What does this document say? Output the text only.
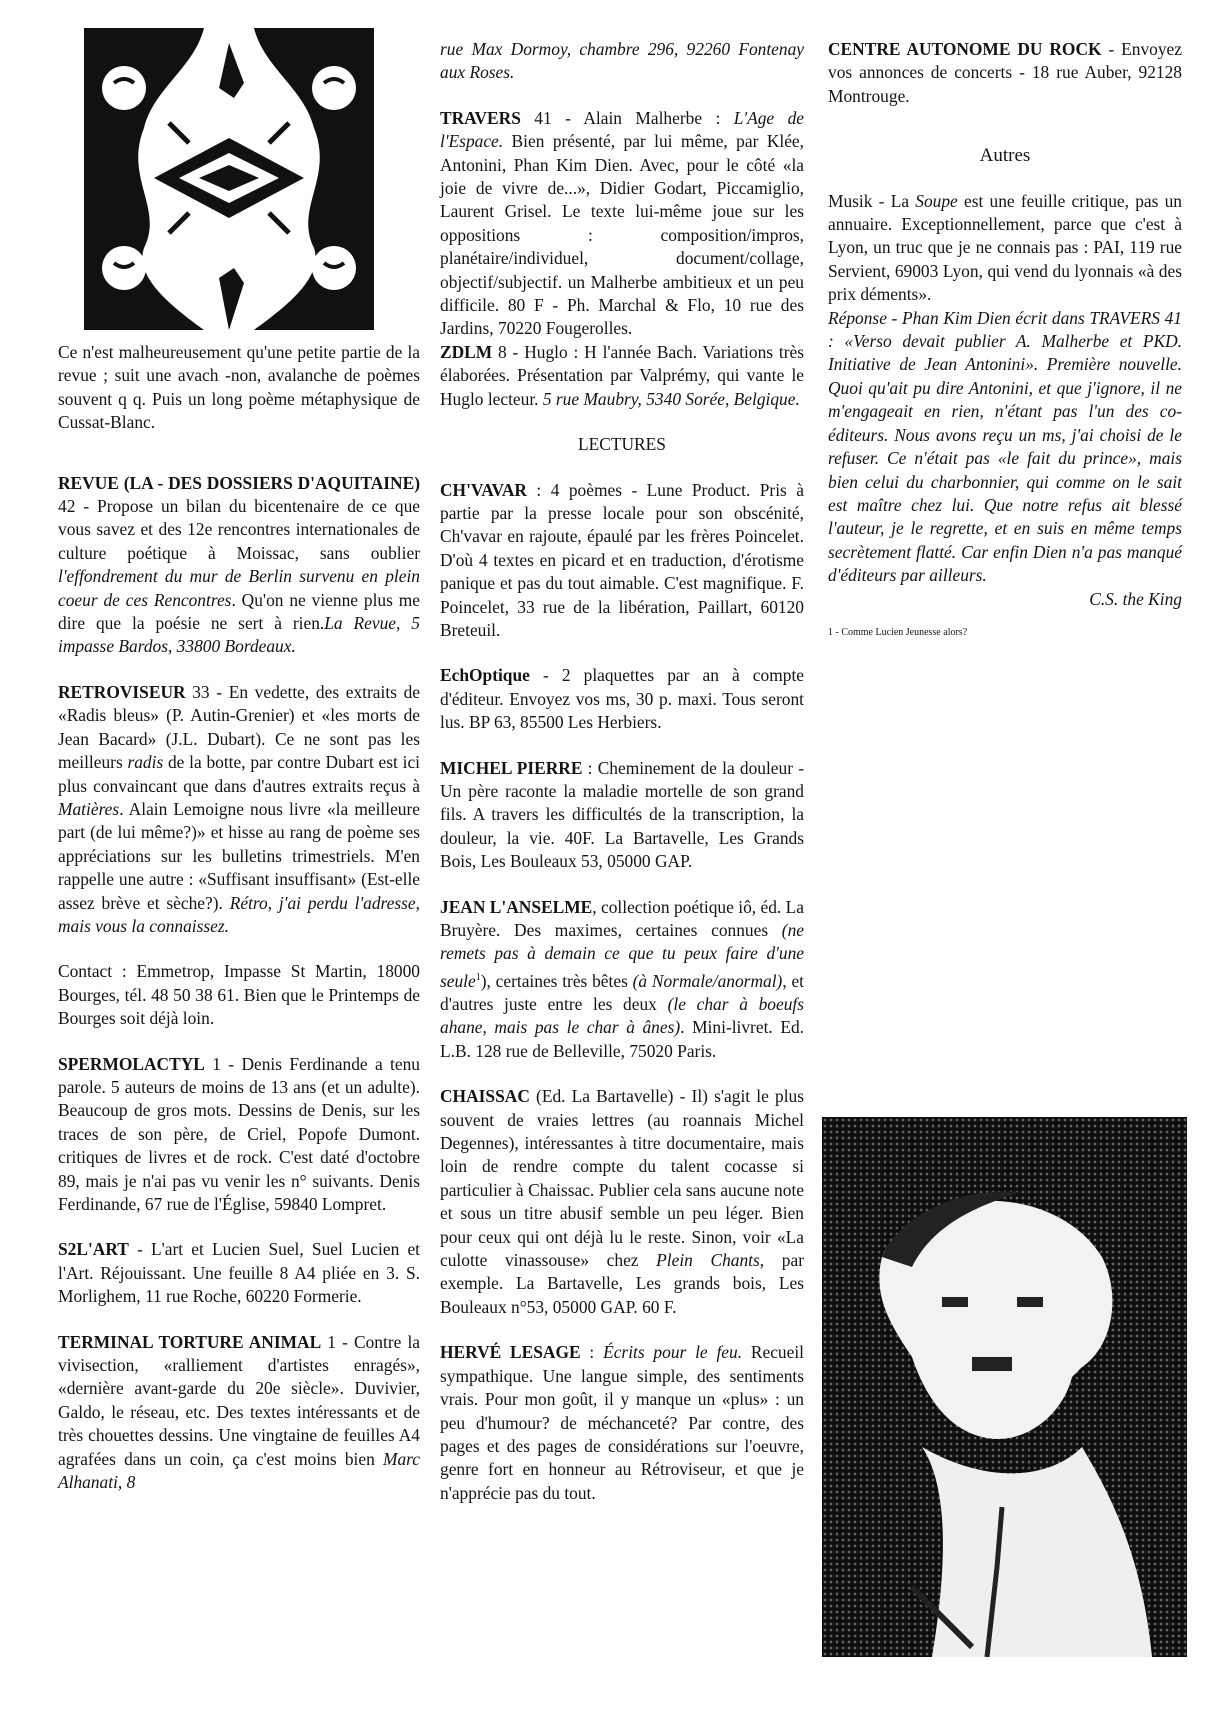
Ce n'est malheureusement qu'une petite partie de la revue ; suit une avach -non, avalanche de poèmes souvent q q. Puis un long poème métaphysique de Cussat-Blanc.

REVUE (LA - DES DOSSIERS D'AQUITAINE) 42 - Propose un bilan du bicentenaire de ce que vous savez et des 12e rencontres internationales de culture poétique à Moissac, sans oublier l'effondrement du mur de Berlin survenu en plein coeur de ces Rencontres. Qu'on ne vienne plus me dire que la poésie ne sert à rien.La Revue, 5 impasse Bardos, 33800 Bordeaux.

RETROVISEUR 33 - En vedette, des extraits de «Radis bleus» (P. Autin-Grenier) et «les morts de Jean Bacard» (J.L. Dubart). Ce ne sont pas les meilleurs radis de la botte, par contre Dubart est ici plus convaincant que dans d'autres extraits reçus à Matières. Alain Lemoigne nous livre «la meilleure part (de lui même?)» et hisse au rang de poème ses appréciations sur les bulletins trimestriels. M'en rappelle une autre : «Suffisant insuffisant» (Est-elle assez brève et sèche?). Rétro, j'ai perdu l'adresse, mais vous la connaissez.

Contact : Emmetrop, Impasse St Martin, 18000 Bourges, tél. 48 50 38 61. Bien que le Printemps de Bourges soit déjà loin.

SPERMOLACTYL 1 - Denis Ferdinande a tenu parole. 5 auteurs de moins de 13 ans (et un adulte). Beaucoup de gros mots. Dessins de Denis, sur les traces de son père, de Criel, Popofe Dumont. critiques de livres et de rock. C'est daté d'octobre 89, mais je n'ai pas vu venir les n° suivants. Denis Ferdinande, 67 rue de l'Église, 59840 Lompret.

S2L'ART - L'art et Lucien Suel, Suel Lucien et l'Art. Réjouissant. Une feuille 8 A4 pliée en 3. S. Morlighem, 11 rue Roche, 60220 Formerie.

TERMINAL TORTURE ANIMAL 1 - Contre la vivisection, «ralliement d'artistes enragés», «dernière avant-garde du 20e siècle». Duvivier, Galdo, le réseau, etc. Des textes intéressants et de très chouettes dessins. Une vingtaine de feuilles A4 agrafées dans un coin, ça c'est moins bien Marc Alhanati, 8

rue Max Dormoy, chambre 296, 92260 Fontenay aux Roses.

TRAVERS 41 - Alain Malherbe : L'Age de l'Espace. Bien présenté, par lui même, par Klée, Antonini, Phan Kim Dien. Avec, pour le côté «la joie de vivre de...», Didier Godart, Piccamiglio, Laurent Grisel. Le texte lui-même joue sur les oppositions : composition/impros, planétaire/individuel, document/collage, objectif/subjectif. un Malherbe ambitieux et un peu difficile. 80 F - Ph. Marchal & Flo, 10 rue des Jardins, 70220 Fougerolles.

ZDLM 8 - Huglo : H l'année Bach. Variations très élaborées. Présentation par Valprémy, qui vante le Huglo lecteur. 5 rue Maubry, 5340 Sorée, Belgique.

LECTURES

CH'VAVAR : 4 poèmes - Lune Product. Pris à partie par la presse locale pour son obscénité, Ch'vavar en rajoute, épaulé par les frères Poincelet. D'où 4 textes en picard et en traduction, d'érotisme panique et pas du tout aimable. C'est magnifique. F. Poincelet, 33 rue de la libération, Paillart, 60120 Breteuil.

EchOptique - 2 plaquettes par an à compte d'éditeur. Envoyez vos ms, 30 p. maxi. Tous seront lus. BP 63, 85500 Les Herbiers.

MICHEL PIERRE : Cheminement de la douleur - Un père raconte la maladie mortelle de son grand fils. A travers les difficultés de la transcription, la douleur, la vie. 40F. La Bartavelle, Les Grands Bois, Les Bouleaux 53, 05000 GAP.

JEAN L'ANSELME, collection poétique iô, éd. La Bruyère. Des maximes, certaines connues (ne remets pas à demain ce que tu peux faire d'une seule$^1$), certaines très bêtes (à Normale/anormal), et d'autres juste entre les deux (le char à boeufs ahane, mais pas le char à ânes). Mini-livret. Ed. L.B. 128 rue de Belleville, 75020 Paris.

CHAISSAC (Ed. La Bartavelle) - Il) s'agit le plus souvent de vraies lettres (au roannais Michel Degennes), intéressantes à titre documentaire, mais loin de rendre compte du talent cocasse si particulier à Chaissac. Publier cela sans aucune note et sous un titre abusif semble un peu léger. Bien pour ceux qui ont déjà lu le reste. Sinon, voir «La culotte vinassousе» chez Plein Chants, par exemple. La Bartavelle, Les grands bois, Les Bouleaux n°53, 05000 GAP. 60 F.

HERVÉ LESAGE : Écrits pour le feu. Recueil sympathique. Une langue simple, des sentiments vrais. Pour mon goût, il y manque un «plus» : un peu d'humour? de méchanceté? Par contre, des pages et des pages de considérations sur l'oeuvre, genre fort en honneur au Rétroviseur, et que je n'apprécie pas du tout.

CENTRE AUTONOME DU ROCK - Envoyez vos annonces de concerts - 18 rue Auber, 92128 Montrouge.

Autres

Musik - La Soupe est une feuille critique, pas un annuaire. Exceptionnellement, parce que c'est à Lyon, un truc que je ne connais pas : PAI, 119 rue Servient, 69003 Lyon, qui vend du lyonnais «à des prix déments».

Réponse - Phan Kim Dien écrit dans TRAVERS 41 : «Verso devait publier A. Malherbe et PKD. Initiative de Jean Antonini». Première nouvelle. Quoi qu'ait pu dire Antonini, et que j'ignore, il ne m'engageait en rien, n'étant pas l'un des co-éditeurs. Nous avons reçu un ms, j'ai choisi de le refuser. Ce n'était pas «le fait du prince», mais bien celui du charbonnier, qui comme on le sait est maître chez lui. Que notre refus ait blessé l'auteur, je le regrette, et en suis en même temps secrètement flatté. Car enfin Dien n'a pas manqué d'éditeurs par ailleurs.

C.S. the King

1 - Comme Lucien Jeunesse alors?
